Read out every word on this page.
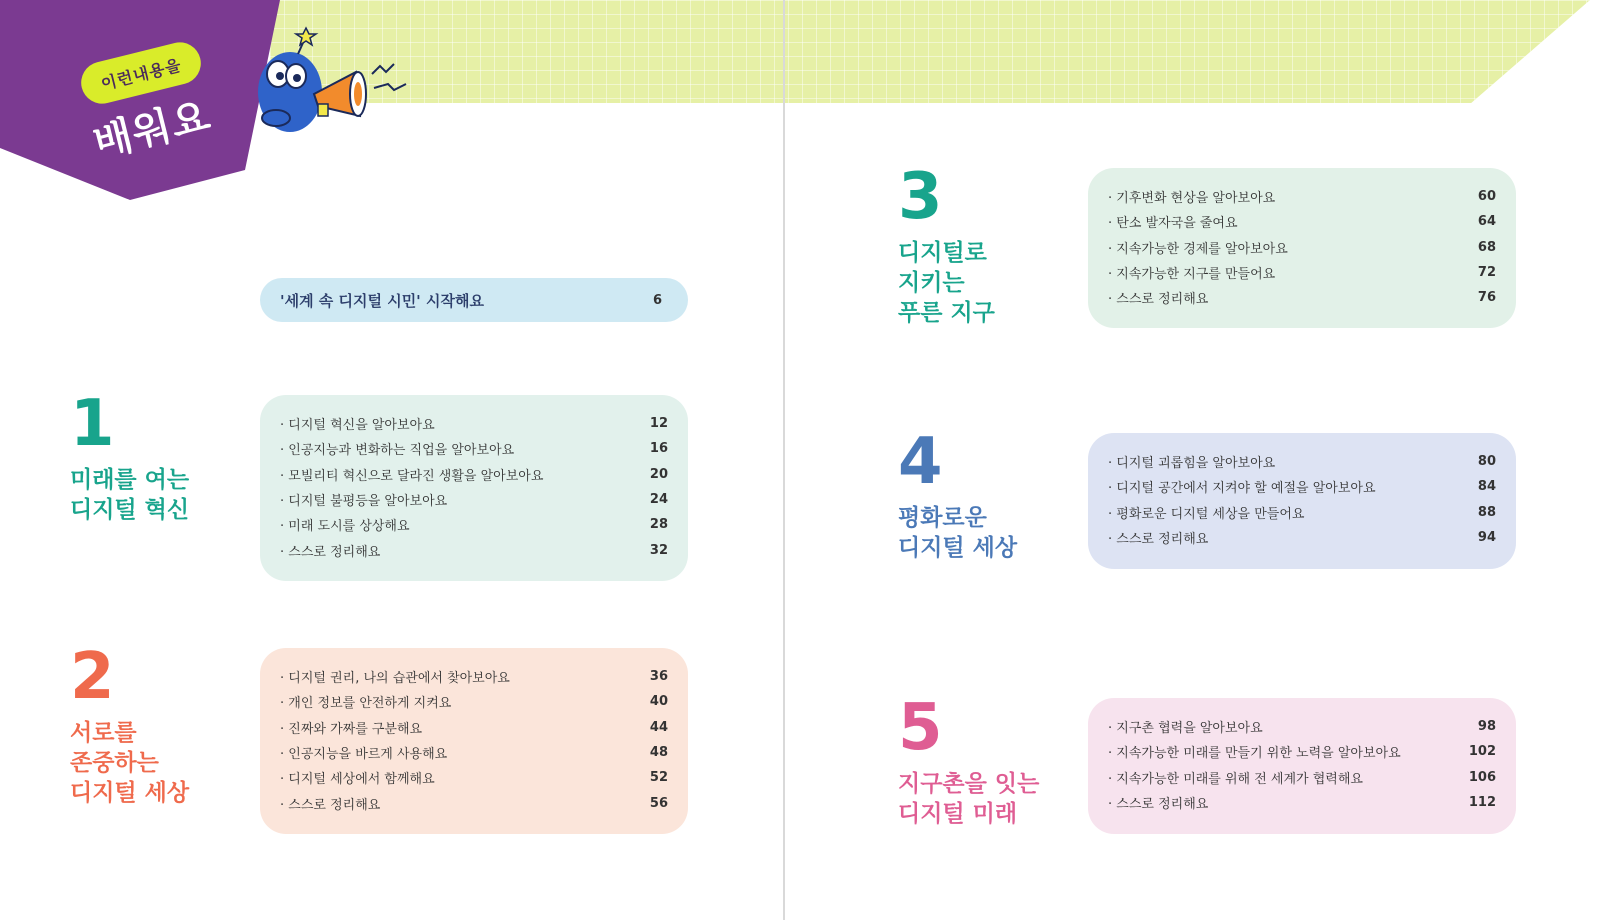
이런내용을
배워요
'세계 속 디지털 시민' 시작해요	6
1
미래를 여는
디지털 혁신
· 디지털 혁신을 알아보아요	12
· 인공지능과 변화하는 직업을 알아보아요	16
· 모빌리티 혁신으로 달라진 생활을 알아보아요	20
· 디지털 불평등을 알아보아요	24
· 미래 도시를 상상해요	28
· 스스로 정리해요	32
2
서로를
존중하는
디지털 세상
· 디지털 권리, 나의 습관에서 찾아보아요	36
· 개인 정보를 안전하게 지켜요	40
· 진짜와 가짜를 구분해요	44
· 인공지능을 바르게 사용해요	48
· 디지털 세상에서 함께해요	52
· 스스로 정리해요	56
3
디지털로
지키는
푸른 지구
· 기후변화 현상을 알아보아요	60
· 탄소 발자국을 줄여요	64
· 지속가능한 경제를 알아보아요	68
· 지속가능한 지구를 만들어요	72
· 스스로 정리해요	76
4
평화로운
디지털 세상
· 디지털 괴롭힘을 알아보아요	80
· 디지털 공간에서 지켜야 할 예절을 알아보아요	84
· 평화로운 디지털 세상을 만들어요	88
· 스스로 정리해요	94
5
지구촌을 잇는
디지털 미래
· 지구촌 협력을 알아보아요	98
· 지속가능한 미래를 만들기 위한 노력을 알아보아요	102
· 지속가능한 미래를 위해 전 세계가 협력해요	106
· 스스로 정리해요	112
